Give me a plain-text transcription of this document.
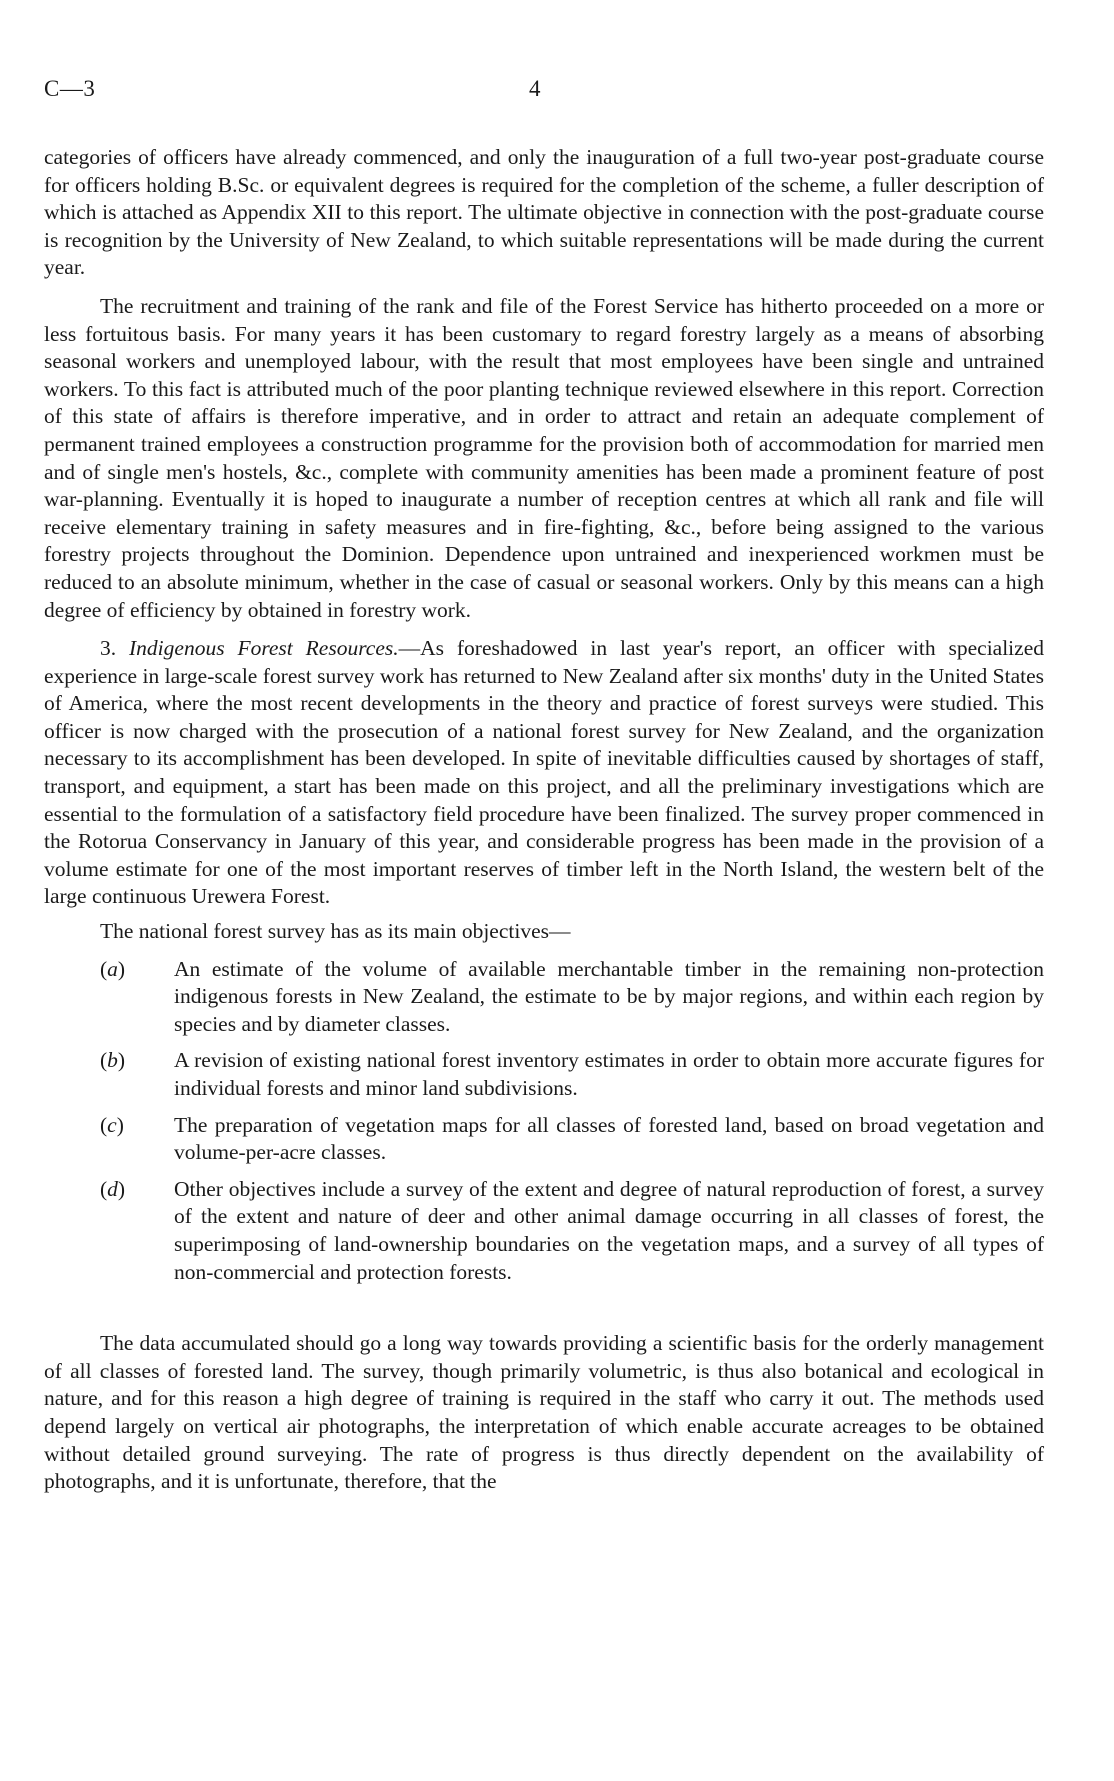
C—3	4

categories of officers have already commenced, and only the inauguration of a full two-year post-graduate course for officers holding B.Sc. or equivalent degrees is required for the completion of the scheme, a fuller description of which is attached as Appendix XII to this report. The ultimate objective in connection with the post-graduate course is recognition by the University of New Zealand, to which suitable representations will be made during the current year.

The recruitment and training of the rank and file of the Forest Service has hitherto proceeded on a more or less fortuitous basis. For many years it has been customary to regard forestry largely as a means of absorbing seasonal workers and unemployed labour, with the result that most employees have been single and untrained workers. To this fact is attributed much of the poor planting technique reviewed elsewhere in this report. Correction of this state of affairs is therefore imperative, and in order to attract and retain an adequate complement of permanent trained employees a construction programme for the provision both of accommodation for married men and of single men's hostels, &c., complete with community amenities has been made a prominent feature of post war-planning. Eventually it is hoped to inaugurate a number of reception centres at which all rank and file will receive elementary training in safety measures and in fire-fighting, &c., before being assigned to the various forestry projects throughout the Dominion. Dependence upon untrained and inexperienced workmen must be reduced to an absolute minimum, whether in the case of casual or seasonal workers. Only by this means can a high degree of efficiency by obtained in forestry work.

3. Indigenous Forest Resources.—As foreshadowed in last year's report, an officer with specialized experience in large-scale forest survey work has returned to New Zealand after six months' duty in the United States of America, where the most recent developments in the theory and practice of forest surveys were studied. This officer is now charged with the prosecution of a national forest survey for New Zealand, and the organization necessary to its accomplishment has been developed. In spite of inevitable difficulties caused by shortages of staff, transport, and equipment, a start has been made on this project, and all the preliminary investigations which are essential to the formulation of a satisfactory field procedure have been finalized. The survey proper commenced in the Rotorua Conservancy in January of this year, and considerable progress has been made in the provision of a volume estimate for one of the most important reserves of timber left in the North Island, the western belt of the large continuous Urewera Forest.

The national forest survey has as its main objectives—

(a) An estimate of the volume of available merchantable timber in the remaining non-protection indigenous forests in New Zealand, the estimate to be by major regions, and within each region by species and by diameter classes.
(b) A revision of existing national forest inventory estimates in order to obtain more accurate figures for individual forests and minor land subdivisions.
(c) The preparation of vegetation maps for all classes of forested land, based on broad vegetation and volume-per-acre classes.
(d) Other objectives include a survey of the extent and degree of natural reproduction of forest, a survey of the extent and nature of deer and other animal damage occurring in all classes of forest, the superimposing of land-ownership boundaries on the vegetation maps, and a survey of all types of non-commercial and protection forests.

The data accumulated should go a long way towards providing a scientific basis for the orderly management of all classes of forested land. The survey, though primarily volumetric, is thus also botanical and ecological in nature, and for this reason a high degree of training is required in the staff who carry it out. The methods used depend largely on vertical air photographs, the interpretation of which enable accurate acreages to be obtained without detailed ground surveying. The rate of progress is thus directly dependent on the availability of photographs, and it is unfortunate, therefore, that the
